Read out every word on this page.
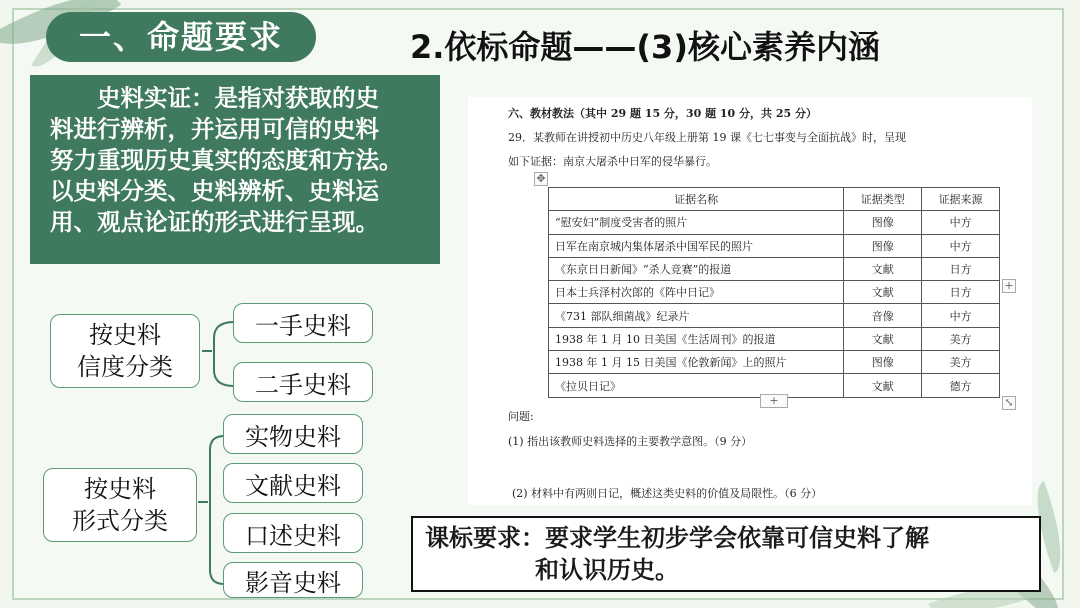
一、命题要求	2.依标命题——(3)核心素养内涵

　　史料实证：是指对获取的史

料进行辨析，并运用可信的史料

努力重现历史真实的态度和方法。

以史料分类、史料辨析、史料运

用、观点论证的形式进行呈现。

按史料
信度分类
一手史料
二手史料
按史料
形式分类
实物史料
文献史料
口述史料
影音史料
六、教材教法（其中 29 题 15 分，30 题 10 分，共 25 分）
29．某教师在讲授初中历史八年级上册第 19 课《七七事变与全面抗战》时，呈现
如下证据：南京大屠杀中日军的侵华暴行。
✥
证据名称	证据类型	证据来源
“慰安妇”制度受害者的照片	图像	中方
日军在南京城内集体屠杀中国军民的照片	图像	中方
《东京日日新闻》“杀人竞赛”的报道	文献	日方
日本士兵泽村次郎的《阵中日记》	文献	日方
《731 部队细菌战》纪录片	音像	中方
1938 年 1 月 10 日美国《生活周刊》的报道	文献	美方
1938 年 1 月 15 日美国《伦敦新闻》上的照片	图像	美方
《拉贝日记》	文献	德方
+
+	⤡
问题:
(1) 指出该教师史料选择的主要教学意图。（9 分）
(2) 材料中有两则日记，概述这类史料的价值及局限性。（6 分）
课标要求：要求学生初步学会依靠可信史料了解
和认识历史。
